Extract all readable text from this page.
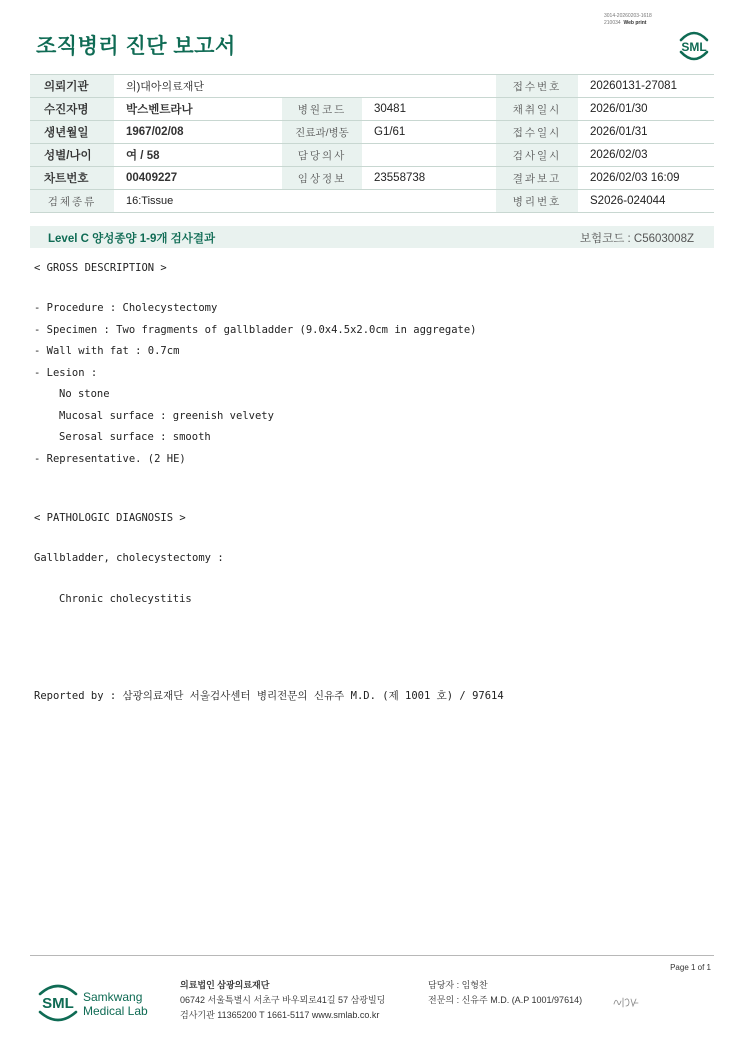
조직병리 진단 보고서
3014-20260203-1618
210034 Web print
SML
의뢰기관	의)대아의료재단			접수번호	20260131-27081
수진자명	박스벤트라나	병원코드	30481	채취일시	2026/01/30
생년월일	1967/02/08	진료과/병동	G1/61	접수일시	2026/01/31
성별/나이	여 / 58	담당의사		검사일시	2026/02/03
차트번호	00409227	임상정보	23558738	결과보고	2026/02/03 16:09
검체종류	16:Tissue			병리번호	S2026-024044
Level C 양성종양 1-9개 검사결과	보험코드 : C5603008Z
< GROSS DESCRIPTION >
- Procedure : Cholecystectomy
- Specimen : Two fragments of gallbladder (9.0x4.5x2.0cm in aggregate)
- Wall with fat : 0.7cm
- Lesion :
No stone
Mucosal surface : greenish velvety
Serosal surface : smooth
- Representative. (2 HE)
< PATHOLOGIC DIAGNOSIS >
Gallbladder, cholecystectomy :
Chronic cholecystitis
Reported by : 삼광의료재단 서울검사센터 병리전문의 신유주 M.D. (제 1001 호) / 97614
Page 1 of 1
SML Samkwang
Medical Lab
의료법인 삼광의료재단
06742 서울특별시 서초구 바우뫼로41길 57 삼광빌딩
검사기관 11365200 T 1661-5117 www.smlab.co.kr
담당자 : 임형찬
전문의 : 신유주 M.D. (A.P 1001/97614)
